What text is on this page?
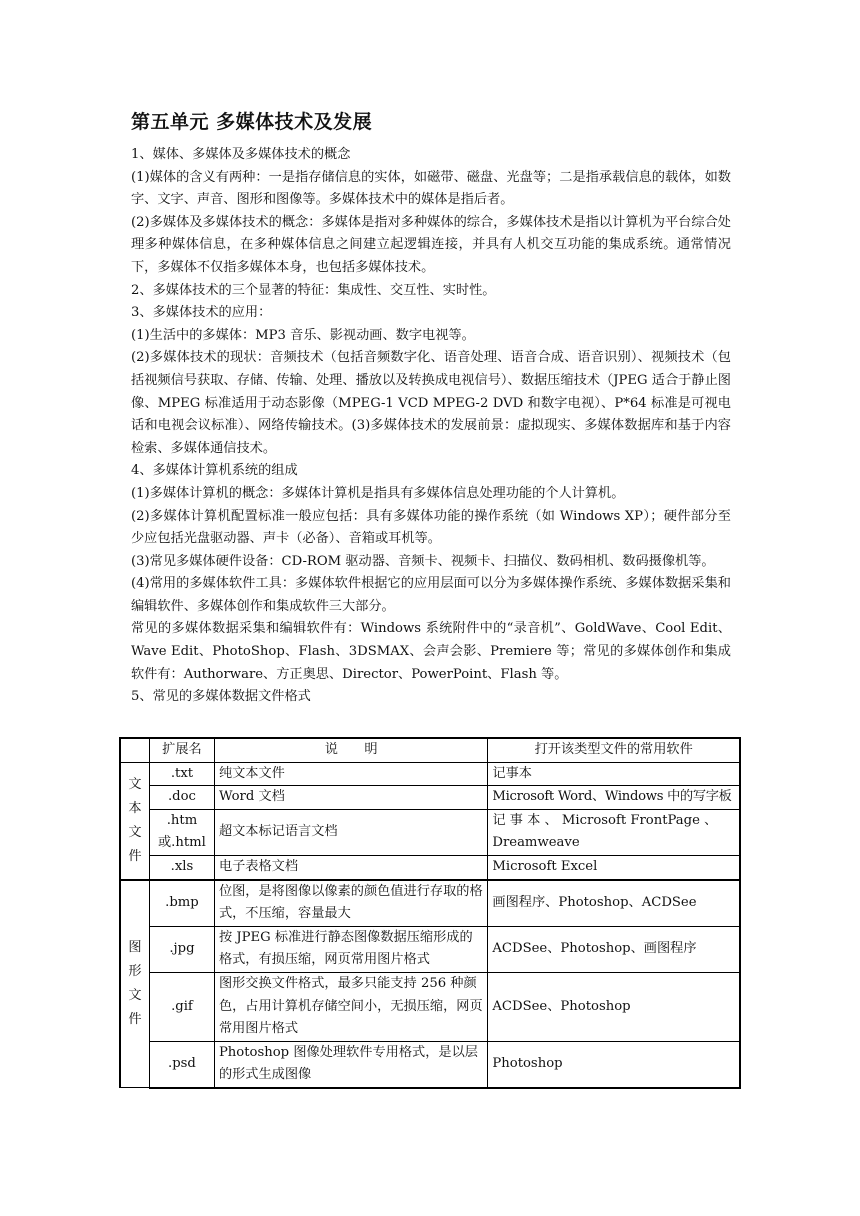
第五单元 多媒体技术及发展

1、媒体、多媒体及多媒体技术的概念

(1)媒体的含义有两种：一是指存储信息的实体，如磁带、磁盘、光盘等；二是指承载信息的载体，如数字、文字、声音、图形和图像等。多媒体技术中的媒体是指后者。

(2)多媒体及多媒体技术的概念：多媒体是指对多种媒体的综合，多媒体技术是指以计算机为平台综合处理多种媒体信息，在多种媒体信息之间建立起逻辑连接，并具有人机交互功能的集成系统。通常情况下，多媒体不仅指多媒体本身，也包括多媒体技术。

2、多媒体技术的三个显著的特征：集成性、交互性、实时性。

3、多媒体技术的应用：

(1)生活中的多媒体：MP3 音乐、影视动画、数字电视等。

(2)多媒体技术的现状：音频技术（包括音频数字化、语音处理、语音合成、语音识别）、视频技术（包括视频信号获取、存储、传输、处理、播放以及转换成电视信号）、数据压缩技术（JPEG 适合于静止图像、MPEG 标准适用于动态影像（MPEG-1 VCD MPEG-2 DVD 和数字电视）、P*64 标准是可视电话和电视会议标准）、网络传输技术。(3)多媒体技术的发展前景：虚拟现实、多媒体数据库和基于内容检索、多媒体通信技术。

4、多媒体计算机系统的组成

(1)多媒体计算机的概念：多媒体计算机是指具有多媒体信息处理功能的个人计算机。

(2)多媒体计算机配置标准一般应包括：具有多媒体功能的操作系统（如 Windows XP）；硬件部分至少应包括光盘驱动器、声卡（必备）、音箱或耳机等。

(3)常见多媒体硬件设备：CD-ROM 驱动器、音频卡、视频卡、扫描仪、数码相机、数码摄像机等。

(4)常用的多媒体软件工具：多媒体软件根据它的应用层面可以分为多媒体操作系统、多媒体数据采集和编辑软件、多媒体创作和集成软件三大部分。

常见的多媒体数据采集和编辑软件有：Windows 系统附件中的“录音机”、GoldWave、Cool Edit、Wave Edit、PhotoShop、Flash、3DSMAX、会声会影、Premiere 等；常见的多媒体创作和集成软件有：Authorware、方正奥思、Director、PowerPoint、Flash 等。

5、常见的多媒体数据文件格式

	扩展名	说　　明	打开该类型文件的常用软件

文本文件	.txt	纯文本文件	记事本
	.doc	Word 文档	Microsoft Word、Windows 中的写字板
	.htm或.html	超文本标记语言文档	记 事 本 、 Microsoft FrontPage 、Dreamweave
	.xls	电子表格文档	Microsoft Excel

图形文件	.bmp	位图，是将图像以像素的颜色值进行存取的格式，不压缩，容量最大	画图程序、Photoshop、ACDSee
	.jpg	按 JPEG 标准进行静态图像数据压缩形成的格式，有损压缩，网页常用图片格式	ACDSee、Photoshop、画图程序
	.gif	图形交换文件格式，最多只能支持 256 种颜色，占用计算机存储空间小，无损压缩，网页常用图片格式	ACDSee、Photoshop
	.psd	Photoshop 图像处理软件专用格式，是以层的形式生成图像	Photoshop
